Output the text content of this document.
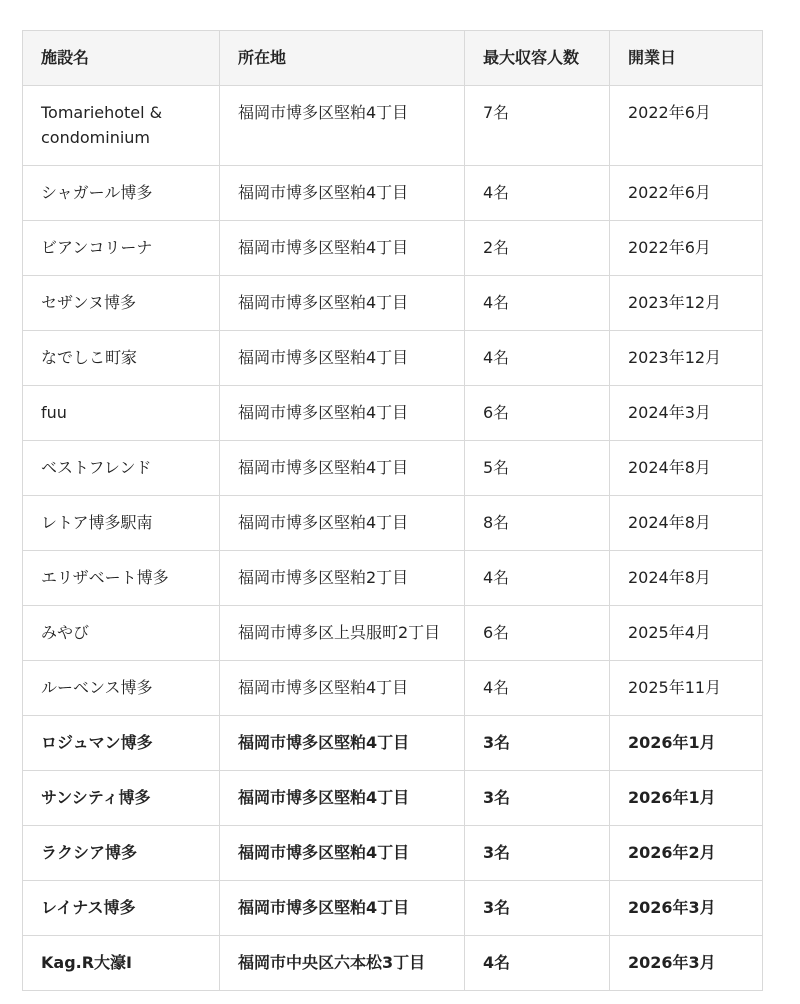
施設名	所在地	最大収容人数	開業日
Tomariehotel & condominium	福岡市博多区堅粕4丁目	7名	2022年6月
シャガール博多	福岡市博多区堅粕4丁目	4名	2022年6月
ビアンコリーナ	福岡市博多区堅粕4丁目	2名	2022年6月
セザンヌ博多	福岡市博多区堅粕4丁目	4名	2023年12月
なでしこ町家	福岡市博多区堅粕4丁目	4名	2023年12月
fuu	福岡市博多区堅粕4丁目	6名	2024年3月
ベストフレンド	福岡市博多区堅粕4丁目	5名	2024年8月
レトア博多駅南	福岡市博多区堅粕4丁目	8名	2024年8月
エリザベート博多	福岡市博多区堅粕2丁目	4名	2024年8月
みやび	福岡市博多区上呉服町2丁目	6名	2025年4月
ルーベンス博多	福岡市博多区堅粕4丁目	4名	2025年11月
ロジュマン博多	福岡市博多区堅粕4丁目	3名	2026年1月
サンシティ博多	福岡市博多区堅粕4丁目	3名	2026年1月
ラクシア博多	福岡市博多区堅粕4丁目	3名	2026年2月
レイナス博多	福岡市博多区堅粕4丁目	3名	2026年3月
Kag.R大濠I	福岡市中央区六本松3丁目	4名	2026年3月
